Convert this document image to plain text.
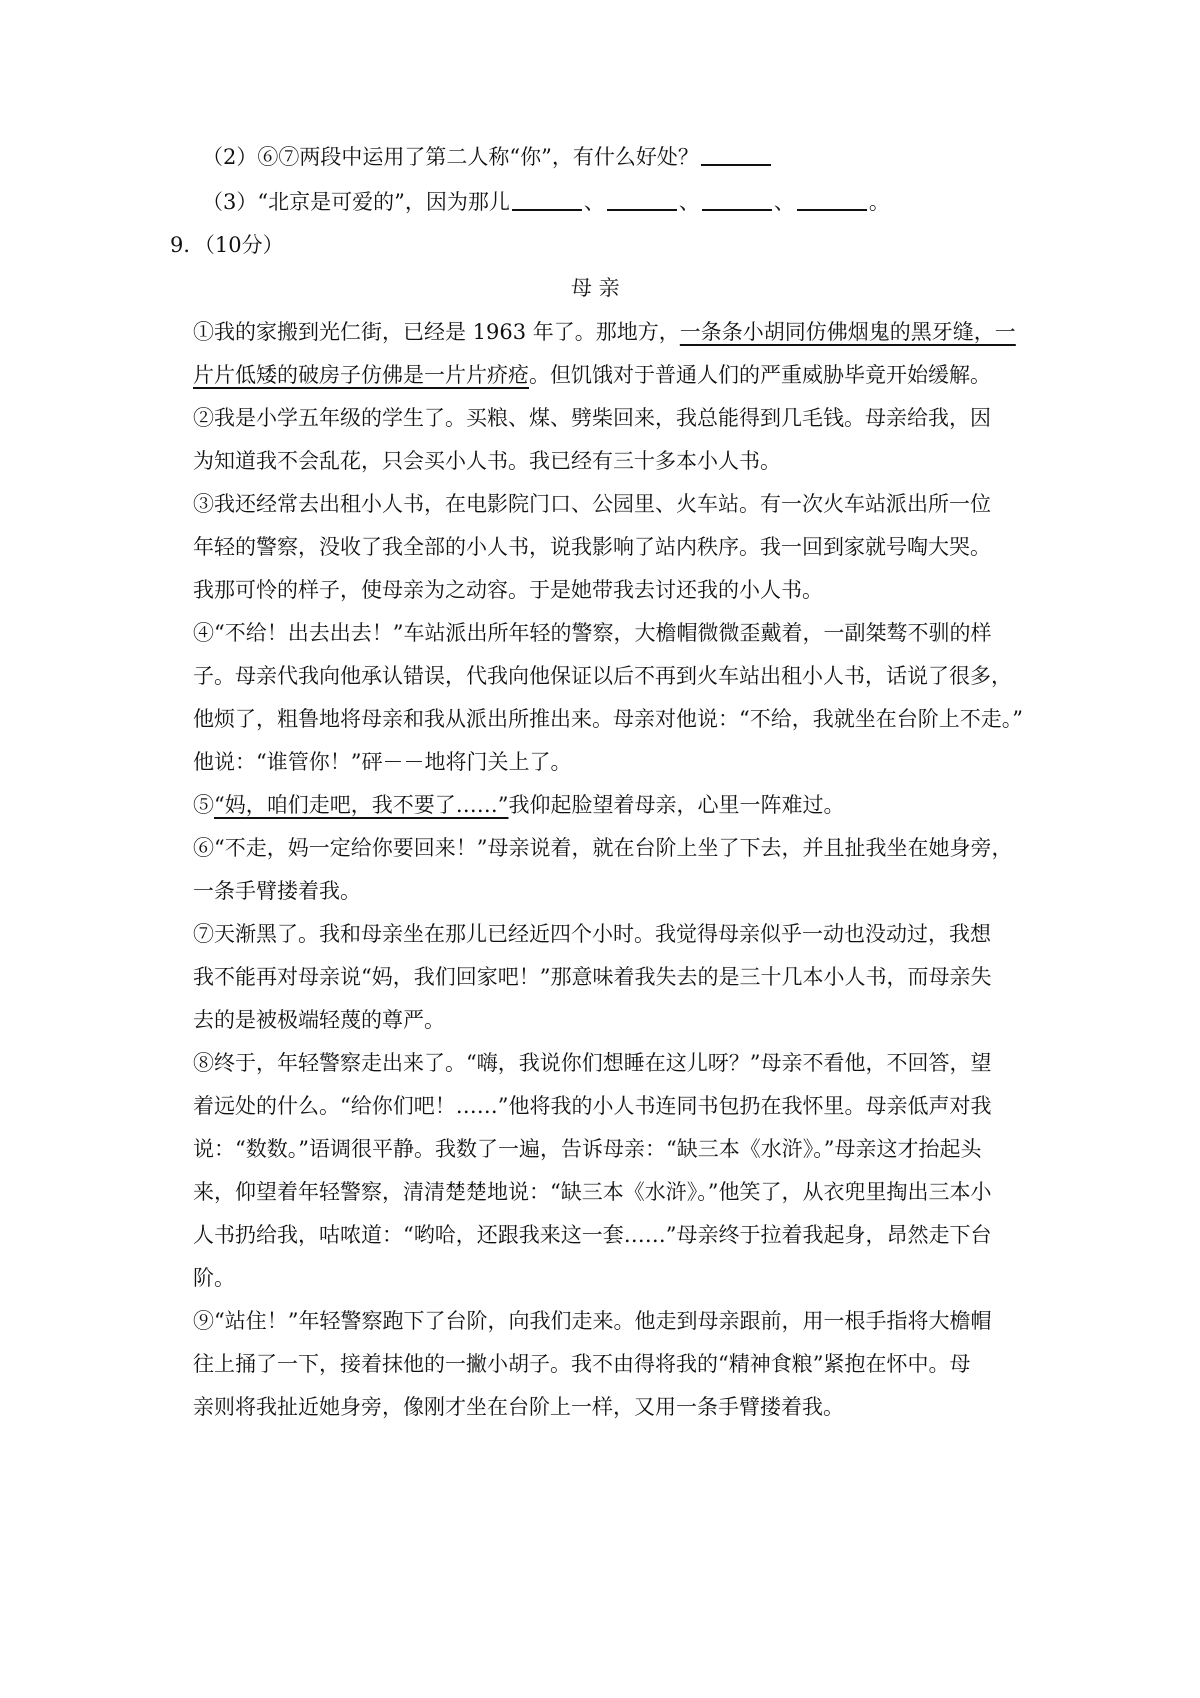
（2）⑥⑦两段中运用了第二人称“你”，有什么好处？
（3）“北京是可爱的”，因为那儿	、	、	、	。
9．（10分）
母 亲
①我的家搬到光仁街，已经是 1963 年了。那地方，一条条小胡同仿佛烟鬼的黑牙缝，一
片片低矮的破房子仿佛是一片片疥疮。但饥饿对于普通人们的严重威胁毕竟开始缓解。
②我是小学五年级的学生了。买粮、煤、劈柴回来，我总能得到几毛钱。母亲给我，因
为知道我不会乱花，只会买小人书。我已经有三十多本小人书。
③我还经常去出租小人书，在电影院门口、公园里、火车站。有一次火车站派出所一位
年轻的警察，没收了我全部的小人书，说我影响了站内秩序。我一回到家就号啕大哭。
我那可怜的样子，使母亲为之动容。于是她带我去讨还我的小人书。
④“不给！出去出去！”车站派出所年轻的警察，大檐帽微微歪戴着，一副桀骜不驯的样
子。母亲代我向他承认错误，代我向他保证以后不再到火车站出租小人书，话说了很多，
他烦了，粗鲁地将母亲和我从派出所推出来。母亲对他说：“不给，我就坐在台阶上不走。”
他说：“谁管你！”砰－－地将门关上了。
⑤“妈，咱们走吧，我不要了……”我仰起脸望着母亲，心里一阵难过。
⑥“不走，妈一定给你要回来！”母亲说着，就在台阶上坐了下去，并且扯我坐在她身旁，
一条手臂搂着我。
⑦天渐黑了。我和母亲坐在那儿已经近四个小时。我觉得母亲似乎一动也没动过，我想
我不能再对母亲说“妈，我们回家吧！”那意味着我失去的是三十几本小人书，而母亲失
去的是被极端轻蔑的尊严。
⑧终于，年轻警察走出来了。“嗨，我说你们想睡在这儿呀？”母亲不看他，不回答，望
着远处的什么。“给你们吧！……”他将我的小人书连同书包扔在我怀里。母亲低声对我
说：“数数。”语调很平静。我数了一遍，告诉母亲：“缺三本《水浒》。”母亲这才抬起头
来，仰望着年轻警察，清清楚楚地说：“缺三本《水浒》。”他笑了，从衣兜里掏出三本小
人书扔给我，咕哝道：“哟哈，还跟我来这一套……”母亲终于拉着我起身，昂然走下台
阶。
⑨“站住！”年轻警察跑下了台阶，向我们走来。他走到母亲跟前，用一根手指将大檐帽
往上捅了一下，接着抹他的一撇小胡子。我不由得将我的“精神食粮”紧抱在怀中。母
亲则将我扯近她身旁，像刚才坐在台阶上一样，又用一条手臂搂着我。
